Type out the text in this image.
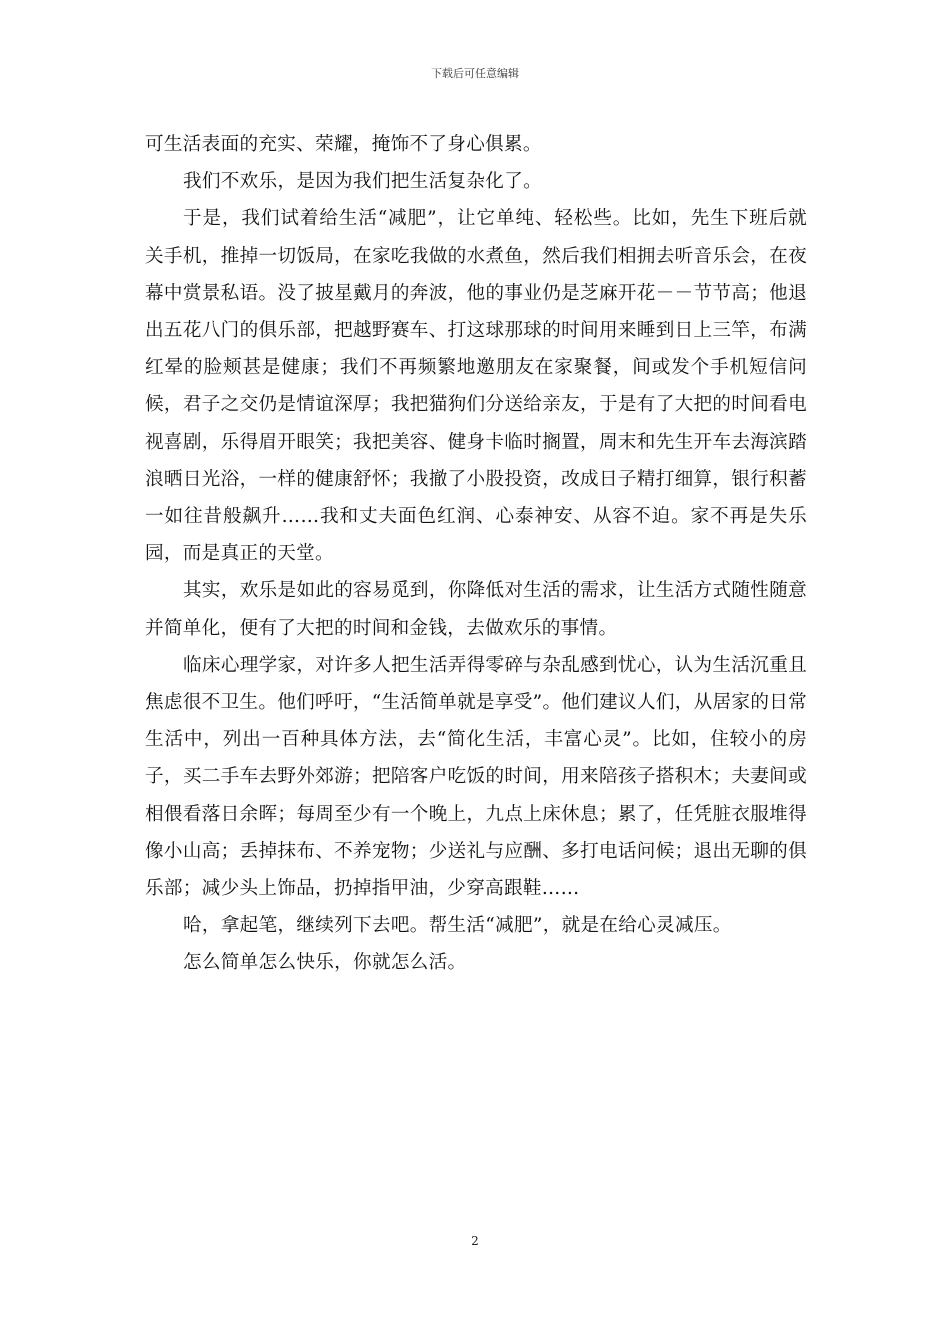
下载后可任意编辑

可生活表面的充实、荣耀，掩饰不了身心俱累。

我们不欢乐，是因为我们把生活复杂化了。

于是，我们试着给生活“减肥”，让它单纯、轻松些。比如，先生下班后就关手机，推掉一切饭局，在家吃我做的水煮鱼，然后我们相拥去听音乐会，在夜幕中赏景私语。没了披星戴月的奔波，他的事业仍是芝麻开花－－节节高；他退出五花八门的俱乐部，把越野赛车、打这球那球的时间用来睡到日上三竿，布满红晕的脸颊甚是健康；我们不再频繁地邀朋友在家聚餐，间或发个手机短信问候，君子之交仍是情谊深厚；我把猫狗们分送给亲友，于是有了大把的时间看电视喜剧，乐得眉开眼笑；我把美容、健身卡临时搁置，周末和先生开车去海滨踏浪晒日光浴，一样的健康舒怀；我撤了小股投资，改成日子精打细算，银行积蓄一如往昔般飙升……我和丈夫面色红润、心泰神安、从容不迫。家不再是失乐园，而是真正的天堂。

其实，欢乐是如此的容易觅到，你降低对生活的需求，让生活方式随性随意并简单化，便有了大把的时间和金钱，去做欢乐的事情。

临床心理学家，对许多人把生活弄得零碎与杂乱感到忧心，认为生活沉重且焦虑很不卫生。他们呼吁，“生活简单就是享受”。他们建议人们，从居家的日常生活中，列出一百种具体方法，去“简化生活，丰富心灵”。比如，住较小的房子，买二手车去野外郊游；把陪客户吃饭的时间，用来陪孩子搭积木；夫妻间或相偎看落日余晖；每周至少有一个晚上，九点上床休息；累了，任凭脏衣服堆得像小山高；丢掉抹布、不养宠物；少送礼与应酬、多打电话问候；退出无聊的俱乐部；减少头上饰品，扔掉指甲油，少穿高跟鞋……

哈，拿起笔，继续列下去吧。帮生活“减肥”，就是在给心灵减压。

怎么简单怎么快乐，你就怎么活。

2
